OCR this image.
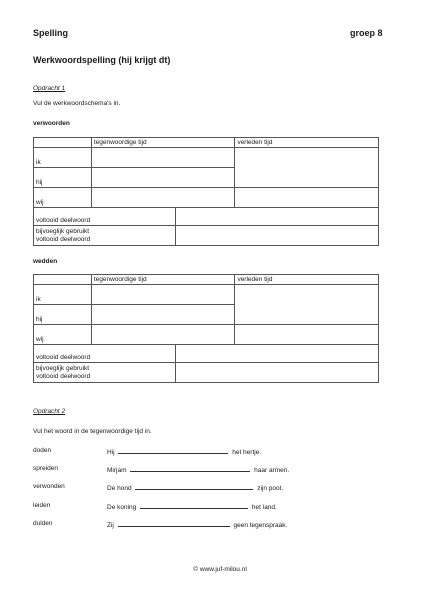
Spelling	groep 8
Werkwoordspelling (hij krijgt dt)
Opdracht 1
Vul de werkwoordschema's in.
verwoorden
	tegenwoordige tijd		verleden tijd
ik			
hij			
wij			
voltooid deelwoord			

bijvoeglijk gebruikt
voltooid deelwoord			

wedden
	tegenwoordige tijd		verleden tijd
ik			
hij			
wij			
voltooid deelwoord			

bijvoeglijk gebruikt
voltooid deelwoord			

Opdracht 2
Vul het woord in de tegenwoordige tijd in.
doden	Hij	het hertje.
spreiden	Mirjam	haar armen.
verwonden	De hond	zijn poot.
leiden	De koning	het land.
dulden	Zij	geen tegenspraak.
© www.juf-milou.nl
